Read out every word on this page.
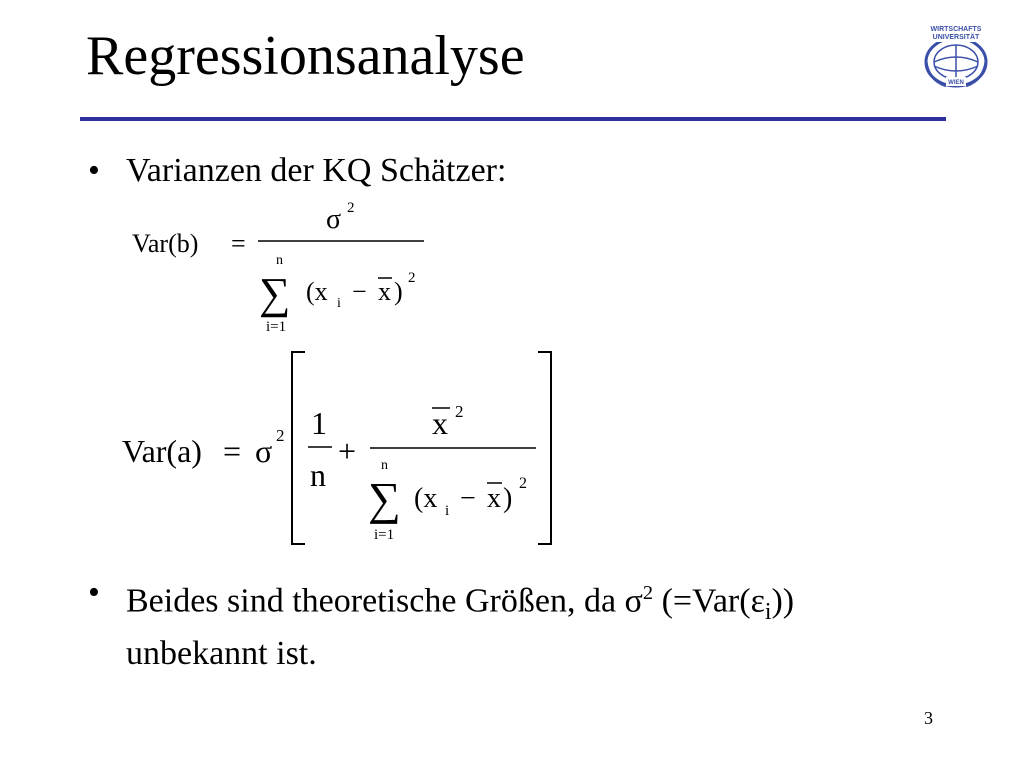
Regressionsanalyse	WIRTSCHAFTS
UNIVERSITÄT
WIEN
• Varianzen der KQ Schätzer:
Var(b) =
σ 2
n
∑
i=1
(x i − x ) 2
Var(a) = σ 2 1
n
+
x 2
n
∑
i=1
(x i − x ) 2
• Beides sind theoretische Größen, da $\sigma^2$ $(=Var(\varepsilon_i))$
unbekannt ist.
3
